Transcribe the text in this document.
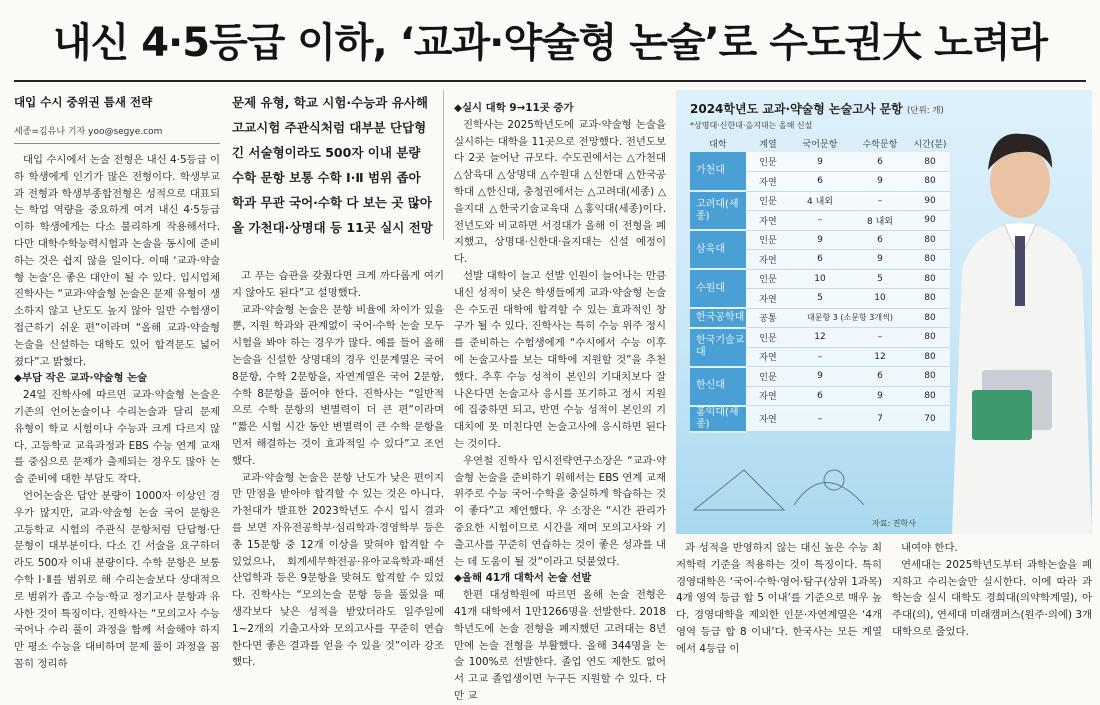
내신 4·5등급 이하, ‘교과·약술형 논술’로 수도권大 노려라
대입 수시 중위권 틈새 전략
세종=김유나 기자 yoo@segye.com
문제 유형, 학교 시험·수능과 유사해
고교시험 주관식처럼 대부분 단답형
긴 서술형이라도 500자 이내 분량
수학 문항 보통 수학 Ⅰ·Ⅱ 범위 좁아
학과 무관 국어·수학 다 보는 곳 많아
올 가천대·상명대 등 11곳 실시 전망

대입 수시에서 논술 전형은 내신 4·5등급 이하 학생에게 인기가 많은 전형이다. 학생부교과 전형과 학생부종합전형은 성적으로 대표되는 학업 역량을 중요하게 여겨 내신 4·5등급 이하 학생에게는 다소 불리하게 작용해서다. 다만 대학수학능력시험과 논술을 동시에 준비하는 것은 쉽지 않을 일이다. 이때 ‘교과·약술형 논술’은 좋은 대안이 될 수 있다. 입시업체 진학사는 “교과·약술형 논술은 문제 유형이 생소하지 않고 난도도 높지 않아 일반 수험생이 접근하기 쉬운 편”이라며 “올해 교과·약술형 논술을 신설하는 대학도 있어 합격문도 넓어졌다”고 밝혔다.

◆부담 작은 교과·약술형 논술

24일 진학사에 따르면 교과·약술형 논술은 기존의 언어논술이나 수리논술과 달리 문제 유형이 학교 시험이나 수능과 크게 다르지 않다. 고등학교 교육과정과 EBS 수능 연계 교재를 중심으로 문제가 출제되는 경우도 많아 논술 준비에 대한 부담도 작다.

언어논술은 답안 분량이 1000자 이상인 경우가 많지만, 교과·약술형 논술 국어 문항은 고등학교 시험의 주관식 문항처럼 단답형·단문형이 대부분이다. 다소 긴 서술을 요구하더라도 500자 이내 분량이다. 수학 문항은 보통 수학 Ⅰ·Ⅱ를 범위로 해 수리논술보다 상대적으로 범위가 좁고 수능·학교 정기고사 문항과 유사한 것이 특징이다. 진학사는 “모의고사 수능 국어나 수리 풀이 과정을 함께 서술해야 하지만 평소 수능을 대비하며 문제 풀이 과정을 꼼꼼히 정리하

고 푸는 습관을 갖췄다면 크게 까다롭게 여기지 않아도 된다”고 설명했다.

교과·약술형 논술은 문항 비율에 차이가 있을 뿐, 지원 학과와 관계없이 국어·수학 논술 모두 시험을 봐야 하는 경우가 많다. 예를 들어 올해 논술을 신설한 상명대의 경우 인문계열은 국어 8문항, 수학 2문항을, 자연계열은 국어 2문항, 수학 8문항을 풀어야 한다. 진학사는 “일반적으로 수학 문항의 변별력이 더 큰 편”이라며 “짧은 시험 시간 동안 변별력이 큰 수학 문항을 먼저 해결하는 것이 효과적일 수 있다”고 조언했다.

교과·약술형 논술은 문항 난도가 낮은 편이지만 만점을 받아야 합격할 수 있는 것은 아니다. 가천대가 발표한 2023학년도 수시 입시 결과를 보면 자유전공학부·심리학과·경영학부 등은 총 15문항 중 12개 이상을 맞혀야 합격할 수 있었으나, 회계세무학전공·유아교육학과·패션산업학과 등은 9문항을 맞혀도 합격할 수 있었다. 진학사는 “모의논술 문항 등을 풀었을 때 생각보다 낮은 성적을 받았더라도 일주일에 1~2개의 기출고사와 모의고사를 꾸준히 연습한다면 좋은 결과를 얻을 수 있을 것”이라 강조했다.

◆실시 대학 9→11곳 증가

진학사는 2025학년도에 교과·약술형 논술을 실시하는 대학을 11곳으로 전망했다. 전년도보다 2곳 늘어난 규모다. 수도권에서는 △가천대 △삼육대 △상명대 △수원대 △신한대 △한국공학대 △한신대, 충청권에서는 △고려대(세종) △을지대 △한국기술교육대 △홍익대(세종)이다. 전년도와 비교하면 서경대가 올해 이 전형을 폐지했고, 상명대·신한대·을지대는 신설 예정이다.

선발 대학이 늘고 선발 인원이 늘어나는 만큼 내신 성적이 낮은 학생들에게 교과·약술형 논술은 수도권 대학에 합격할 수 있는 효과적인 창구가 될 수 있다. 진학사는 특히 수능 위주 정시를 준비하는 수험생에게 “수시에서 수능 이후에 논술고사를 보는 대학에 지원할 것”을 추천했다. 추후 수능 성적이 본인의 기대치보다 잘 나온다면 논술고사 응시를 포기하고 정시 지원에 집중하면 되고, 반면 수능 성적이 본인의 기대치에 못 미친다면 논술고사에 응시하면 된다는 것이다.

우연철 진학사 입시전략연구소장은 “교과·약술형 논술을 준비하기 위해서는 EBS 연계 교재 위주로 수능 국어·수학을 충실하게 학습하는 것이 좋다”고 제언했다. 우 소장은 “시간 관리가 중요한 시험이므로 시간을 재며 모의고사와 기출고사를 꾸준히 연습하는 것이 좋은 성과를 내는 데 도움이 될 것”이라고 덧붙였다.

◆올해 41개 대학서 논술 선발

한편 대성학원에 따르면 올해 논술 전형은 41개 대학에서 1만1266명을 선발한다. 2018학년도에 논술 전형을 폐지했던 고려대는 8년 만에 논술 전형을 부활했다. 올해 344명을 논술 100%로 선발한다. 졸업 연도 제한도 없어서 고교 졸업생이면 누구든 지원할 수 있다. 다만 교

과 성적을 반영하지 않는 대신 높은 수능 최저학력 기준을 적용하는 것이 특징이다. 특히 경영대학은 ‘국어·수학·영어·탐구(상위 1과목) 4개 영역 등급 합 5 이내’를 기준으로 매우 높다. 경영대학을 제외한 인문·자연계열은 ‘4개 영역 등급 합 8 이내’다. 한국사는 모든 계열에서 4등급 이

내여야 한다.

연세대는 2025학년도부터 과학논술을 폐지하고 수리논술만 실시한다. 이에 따라 과학논술 실시 대학도 경희대(의약학계열), 아주대(의), 연세대 미래캠퍼스(원주·의예) 3개 대학으로 줄었다.

2024학년도 교과·약술형 논술고사 문항 (단위: 개)
*상명대·신한대·을지대는 올해 신설
대학	계열	국어문항	수학문항	시간(분)
가천대	인문	9	6	80
	자연	6	9	80
고려대(세종)	인문	4 내외	–	90
	자연	–	8 내외	90
삼육대	인문	9	6	80
	자연	6	9	80
수원대	인문	10	5	80
	자연	5	10	80
한국공학대	공통	대문항 3 (소문항 3개씩)		80
한국기술교대	인문	12	–	80
	자연	–	12	80
한신대	인문	9	6	80
	자연	6	9	80
홍익대(세종)	자연	–	7	70
자료: 진학사
